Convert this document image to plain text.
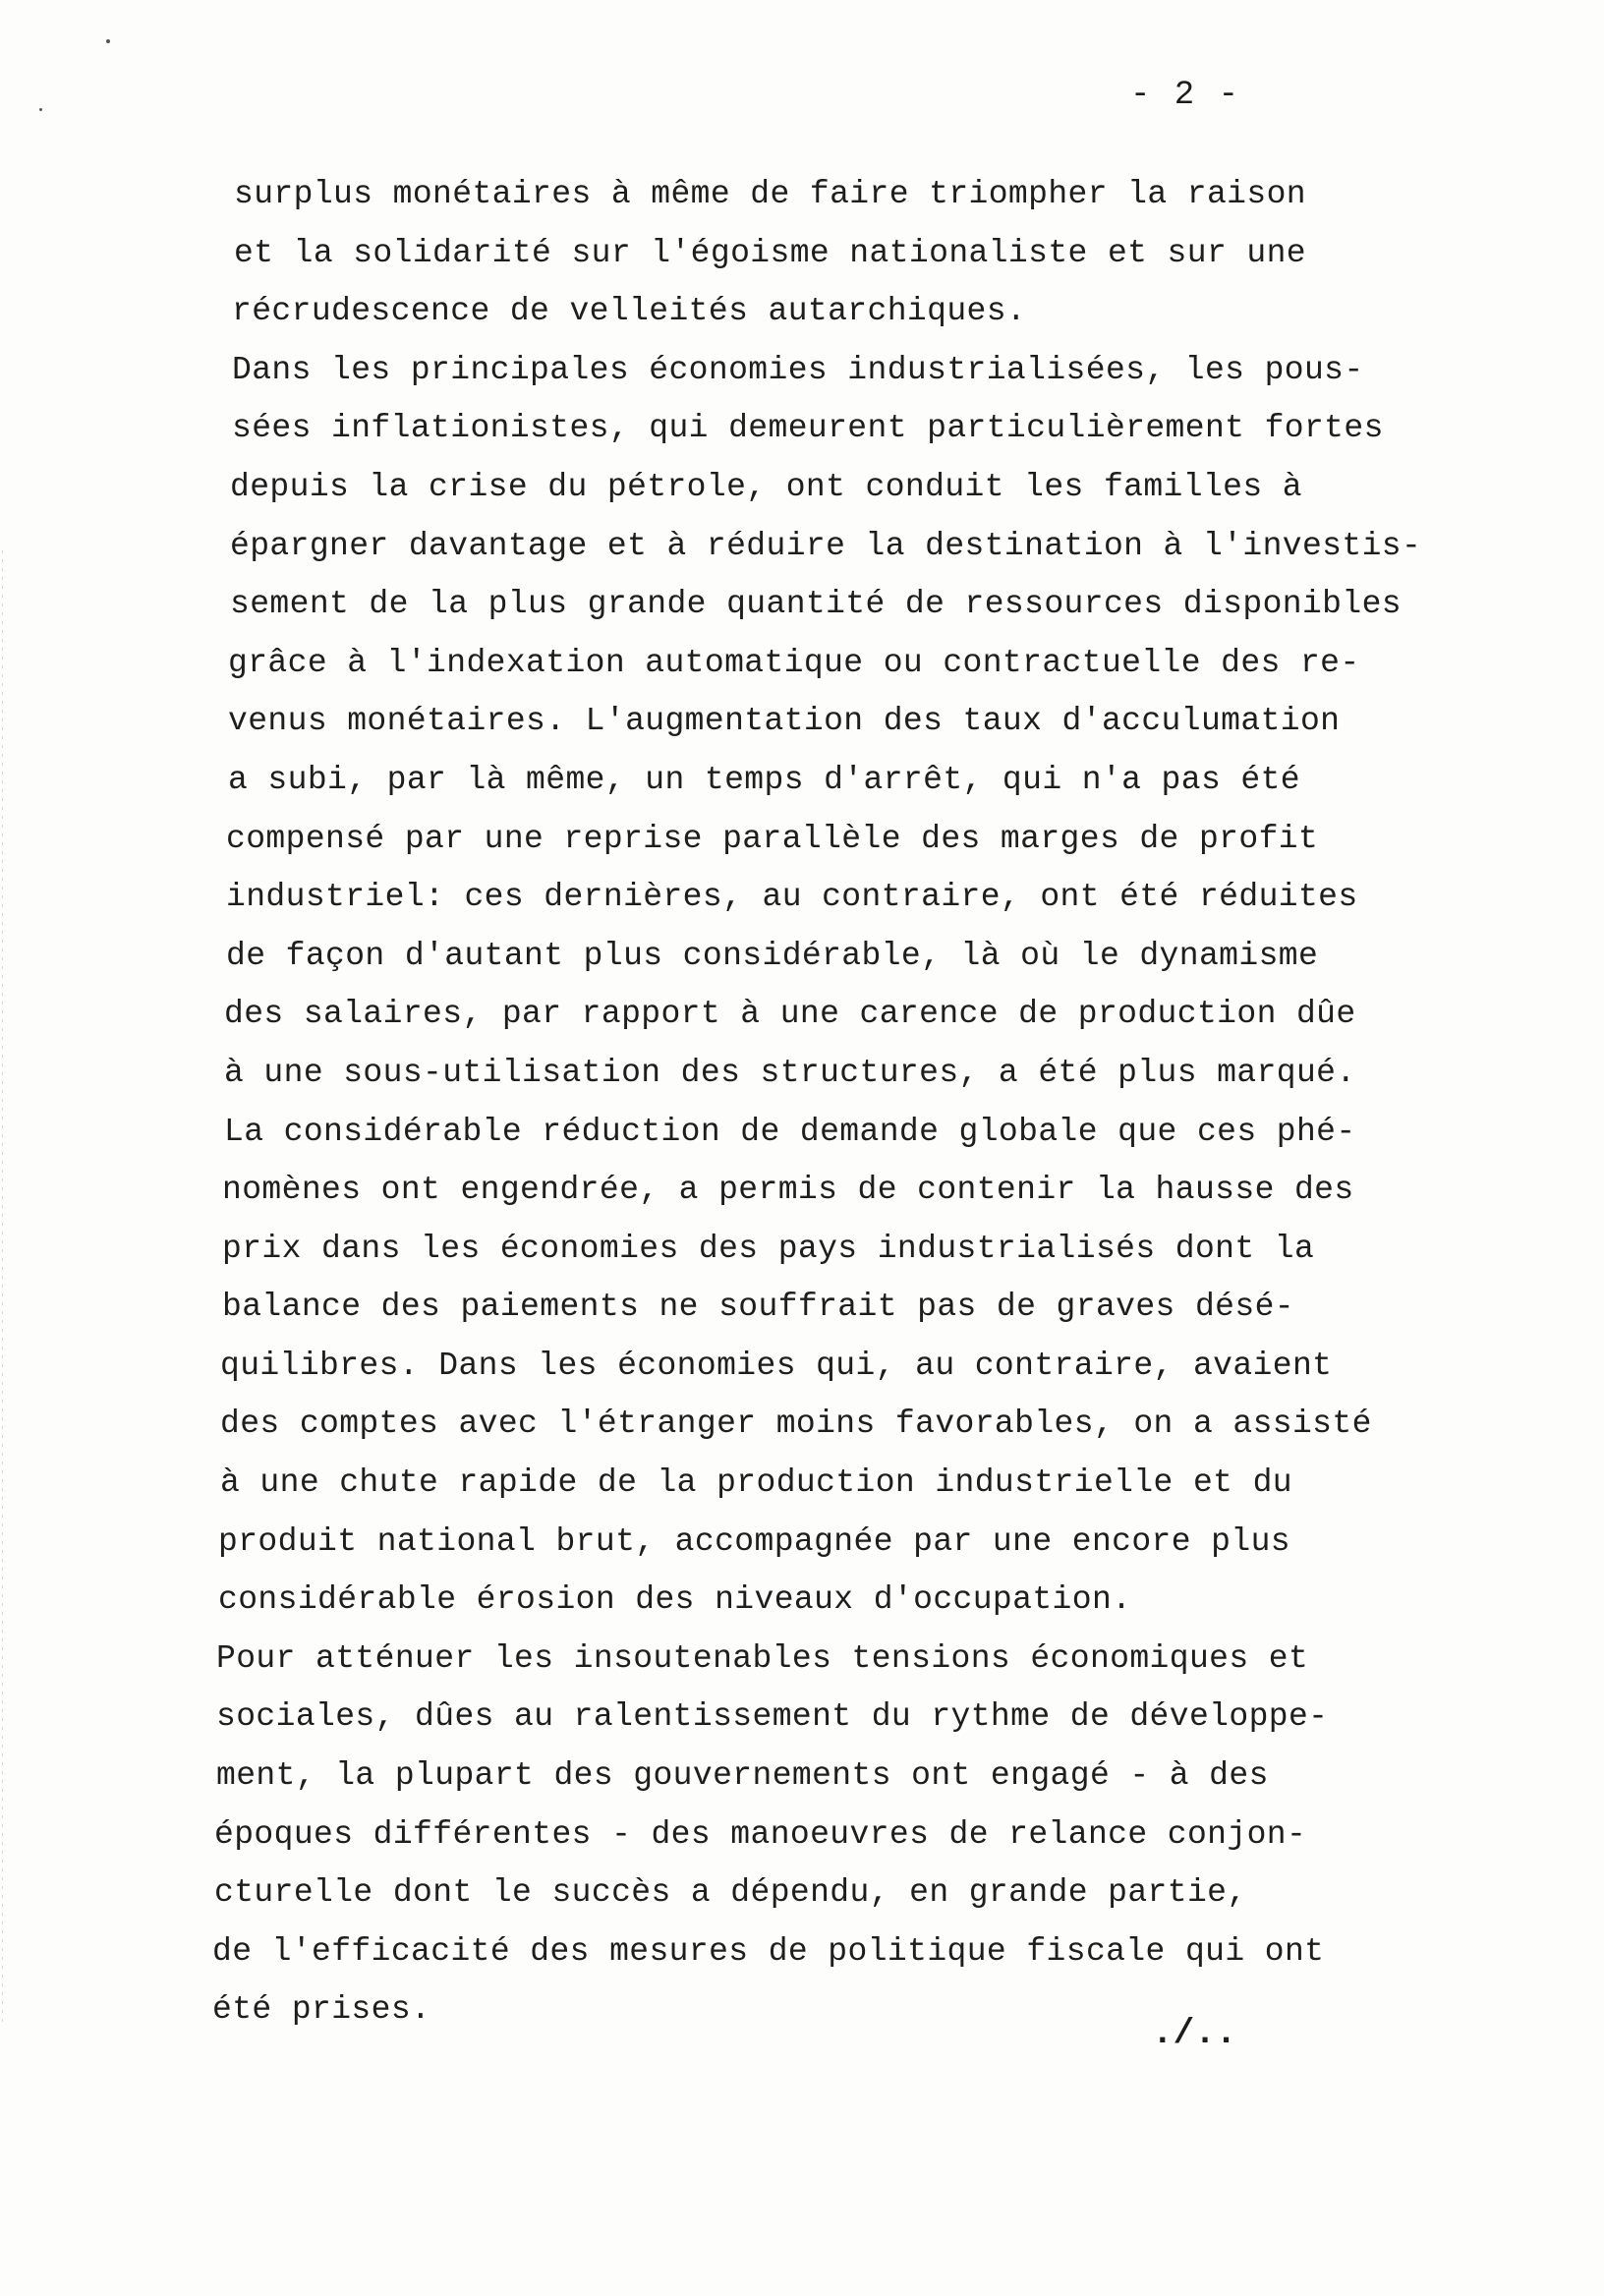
- 2 -
surplus monétaires à même de faire triompher la raison
et la solidarité sur l'égoisme nationaliste et sur une
récrudescence de velleités autarchiques.
Dans les principales économies industrialisées, les pous-
sées inflationistes, qui demeurent particulièrement fortes
depuis la crise du pétrole, ont conduit les familles à
épargner davantage et à réduire la destination à l'investis-
sement de la plus grande quantité de ressources disponibles
grâce à l'indexation automatique ou contractuelle des re-
venus monétaires. L'augmentation des taux d'acculumation
a subi, par là même, un temps d'arrêt, qui n'a pas été
compensé par une reprise parallèle des marges de profit
industriel: ces dernières, au contraire, ont été réduites
de façon d'autant plus considérable, là où le dynamisme
des salaires, par rapport à une carence de production dûe
à une sous-utilisation des structures, a été plus marqué.
La considérable réduction de demande globale que ces phé-
nomènes ont engendrée, a permis de contenir la hausse des
prix dans les économies des pays industrialisés dont la
balance des paiements ne souffrait pas de graves désé-
quilibres. Dans les économies qui, au contraire, avaient
des comptes avec l'étranger moins favorables, on a assisté
à une chute rapide de la production industrielle et du
produit national brut, accompagnée par une encore plus
considérable érosion des niveaux d'occupation.
Pour atténuer les insoutenables tensions économiques et
sociales, dûes au ralentissement du rythme de développe-
ment, la plupart des gouvernements ont engagé - à des
époques différentes - des manoeuvres de relance conjon-
cturelle dont le succès a dépendu, en grande partie,
de l'efficacité des mesures de politique fiscale qui ont
été prises.
./..
